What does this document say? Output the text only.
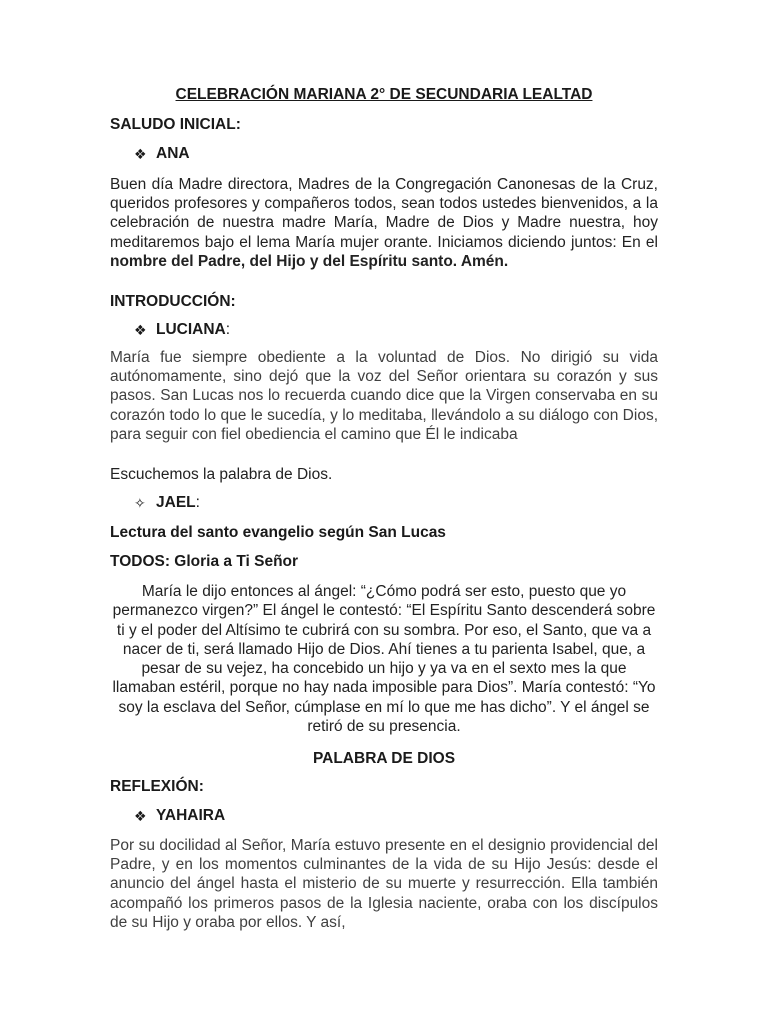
CELEBRACIÓN MARIANA 2° DE SECUNDARIA LEALTAD

SALUDO INICIAL:

❖ ANA

Buen día Madre directora, Madres de la Congregación Canonesas de la Cruz, queridos profesores y compañeros todos, sean todos ustedes bienvenidos, a la celebración de nuestra madre María, Madre de Dios y Madre nuestra, hoy meditaremos bajo el lema María mujer orante. Iniciamos diciendo juntos: En el nombre del Padre, del Hijo y del Espíritu santo. Amén.

INTRODUCCIÓN:

❖ LUCIANA :

María fue siempre obediente a la voluntad de Dios. No dirigió su vida autónomamente, sino dejó que la voz del Señor orientara su corazón y sus pasos. San Lucas nos lo recuerda cuando dice que la Virgen conservaba en su corazón todo lo que le sucedía, y lo meditaba, llevándolo a su diálogo con Dios, para seguir con fiel obediencia el camino que Él le indicaba

Escuchemos la palabra de Dios.

✧ JAEL :

Lectura del santo evangelio según San Lucas

TODOS: Gloria a Ti Señor

María le dijo entonces al ángel: “¿Cómo podrá ser esto, puesto que yo permanezco virgen?” El ángel le contestó: “El Espíritu Santo descenderá sobre ti y el poder del Altísimo te cubrirá con su sombra. Por eso, el Santo, que va a nacer de ti, será llamado Hijo de Dios. Ahí tienes a tu parienta Isabel, que, a pesar de su vejez, ha concebido un hijo y ya va en el sexto mes la que llamaban estéril, porque no hay nada imposible para Dios”. María contestó: “Yo soy la esclava del Señor, cúmplase en mí lo que me has dicho”. Y el ángel se retiró de su presencia.

PALABRA DE DIOS

REFLEXIÓN:

❖ YAHAIRA

Por su docilidad al Señor, María estuvo presente en el designio providencial del Padre, y en los momentos culminantes de la vida de su Hijo Jesús: desde el anuncio del ángel hasta el misterio de su muerte y resurrección. Ella también acompañó los primeros pasos de la Iglesia naciente, oraba con los discípulos de su Hijo y oraba por ellos. Y así,
